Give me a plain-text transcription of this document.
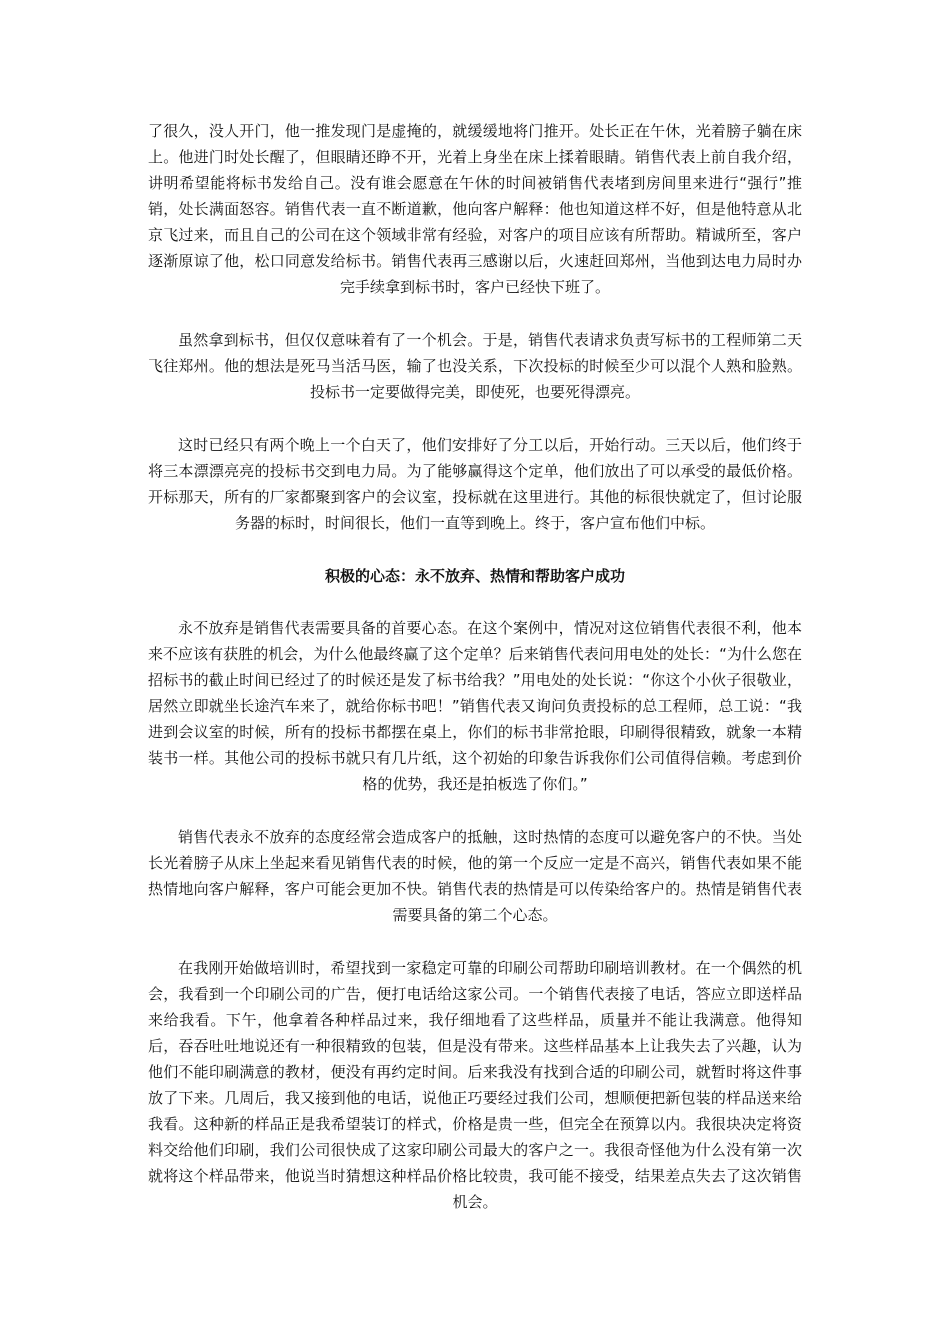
了很久，没人开门，他一推发现门是虚掩的，就缓缓地将门推开。处长正在午休，光着膀子躺在床上。他进门时处长醒了，但眼睛还睁不开，光着上身坐在床上揉着眼睛。销售代表上前自我介绍，讲明希望能将标书发给自己。没有谁会愿意在午休的时间被销售代表堵到房间里来进行“强行”推销，处长满面怒容。销售代表一直不断道歉，他向客户解释：他也知道这样不好，但是他特意从北京飞过来，而且自己的公司在这个领域非常有经验，对客户的项目应该有所帮助。精诚所至，客户逐渐原谅了他，松口同意发给标书。销售代表再三感谢以后，火速赶回郑州，当他到达电力局时办完手续拿到标书时，客户已经快下班了。

虽然拿到标书，但仅仅意味着有了一个机会。于是，销售代表请求负责写标书的工程师第二天飞往郑州。他的想法是死马当活马医，输了也没关系，下次投标的时候至少可以混个人熟和脸熟。投标书一定要做得完美，即使死，也要死得漂亮。

这时已经只有两个晚上一个白天了，他们安排好了分工以后，开始行动。三天以后，他们终于将三本漂漂亮亮的投标书交到电力局。为了能够赢得这个定单，他们放出了可以承受的最低价格。开标那天，所有的厂家都聚到客户的会议室，投标就在这里进行。其他的标很快就定了，但讨论服务器的标时，时间很长，他们一直等到晚上。终于，客户宣布他们中标。

积极的心态：永不放弃、热情和帮助客户成功

永不放弃是销售代表需要具备的首要心态。在这个案例中，情况对这位销售代表很不利，他本来不应该有获胜的机会，为什么他最终赢了这个定单？后来销售代表问用电处的处长：“为什么您在招标书的截止时间已经过了的时候还是发了标书给我？”用电处的处长说：“你这个小伙子很敬业，居然立即就坐长途汽车来了，就给你标书吧！”销售代表又询问负责投标的总工程师，总工说：“我进到会议室的时候，所有的投标书都摆在桌上，你们的标书非常抢眼，印刷得很精致，就象一本精装书一样。其他公司的投标书就只有几片纸，这个初始的印象告诉我你们公司值得信赖。考虑到价格的优势，我还是拍板选了你们。”

销售代表永不放弃的态度经常会造成客户的抵触，这时热情的态度可以避免客户的不快。当处长光着膀子从床上坐起来看见销售代表的时候，他的第一个反应一定是不高兴，销售代表如果不能热情地向客户解释，客户可能会更加不快。销售代表的热情是可以传染给客户的。热情是销售代表需要具备的第二个心态。

在我刚开始做培训时，希望找到一家稳定可靠的印刷公司帮助印刷培训教材。在一个偶然的机会，我看到一个印刷公司的广告，便打电话给这家公司。一个销售代表接了电话，答应立即送样品来给我看。下午，他拿着各种样品过来，我仔细地看了这些样品，质量并不能让我满意。他得知后，吞吞吐吐地说还有一种很精致的包装，但是没有带来。这些样品基本上让我失去了兴趣，认为他们不能印刷满意的教材，便没有再约定时间。后来我没有找到合适的印刷公司，就暂时将这件事放了下来。几周后，我又接到他的电话，说他正巧要经过我们公司，想顺便把新包装的样品送来给我看。这种新的样品正是我希望装订的样式，价格是贵一些，但完全在预算以内。我很块决定将资料交给他们印刷，我们公司很快成了这家印刷公司最大的客户之一。我很奇怪他为什么没有第一次就将这个样品带来，他说当时猜想这种样品价格比较贵，我可能不接受，结果差点失去了这次销售机会。
